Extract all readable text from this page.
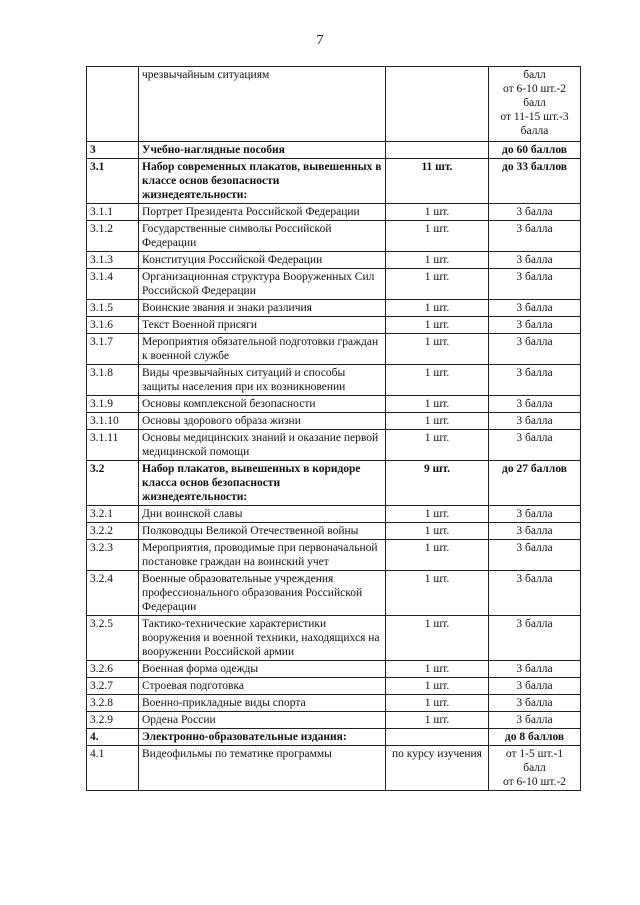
7
	чрезвычайным ситуациям		балл
от 6-10 шт.-2
балл
от 11-15 шт.-3
балла

3	Учебно-наглядные пособия		до 60 баллов

3.1	Набор современных плакатов, вывешенных в классе основ безопасности жизнедеятельности:	11 шт.	до 33 баллов

3.1.1	Портрет Президента Российской Федерации	1 шт.	3 балла

3.1.2	Государственные символы Российской Федерации	1 шт.	3 балла

3.1.3	Конституция Российской Федерации	1 шт.	3 балла

3.1.4	Организационная структура Вооруженных Сил Российской Федерации	1 шт.	3 балла

3.1.5	Воинские звания и знаки различия	1 шт.	3 балла

3.1.6	Текст Военной присяги	1 шт.	3 балла

3.1.7	Мероприятия обязательной подготовки граждан к военной службе	1 шт.	3 балла

3.1.8	Виды чрезвычайных ситуаций и способы защиты населения при их возникновении	1 шт.	3 балла

3.1.9	Основы комплексной безопасности	1 шт.	3 балла

3.1.10	Основы здорового образа жизни	1 шт.	3 балла

3.1.11	Основы медицинских знаний и оказание первой медицинской помощи	1 шт.	3 балла

3.2	Набор плакатов, вывешенных в коридоре класса основ безопасности жизнедеятельности:	9 шт.	до 27 баллов

3.2.1	Дни воинской славы	1 шт.	3 балла

3.2.2	Полководцы Великой Отечественной войны	1 шт.	3 балла

3.2.3	Мероприятия, проводимые при первоначальной постановке граждан на воинский учет	1 шт.	3 балла

3.2.4	Военные образовательные учреждения профессионального образования Российской Федерации	1 шт.	3 балла

3.2.5	Тактико-технические характеристики вооружения и военной техники, находящихся на вооружении Российской армии	1 шт.	3 балла

3.2.6	Военная форма одежды	1 шт.	3 балла

3.2.7	Строевая подготовка	1 шт.	3 балла

3.2.8	Военно-прикладные виды спорта	1 шт.	3 балла

3.2.9	Ордена России	1 шт.	3 балла

4.	Электронно-образовательные издания:		до 8 баллов

4.1	Видеофильмы по тематике программы	по курсу изучения	от 1-5 шт.-1
балл
от 6-10 шт.-2
